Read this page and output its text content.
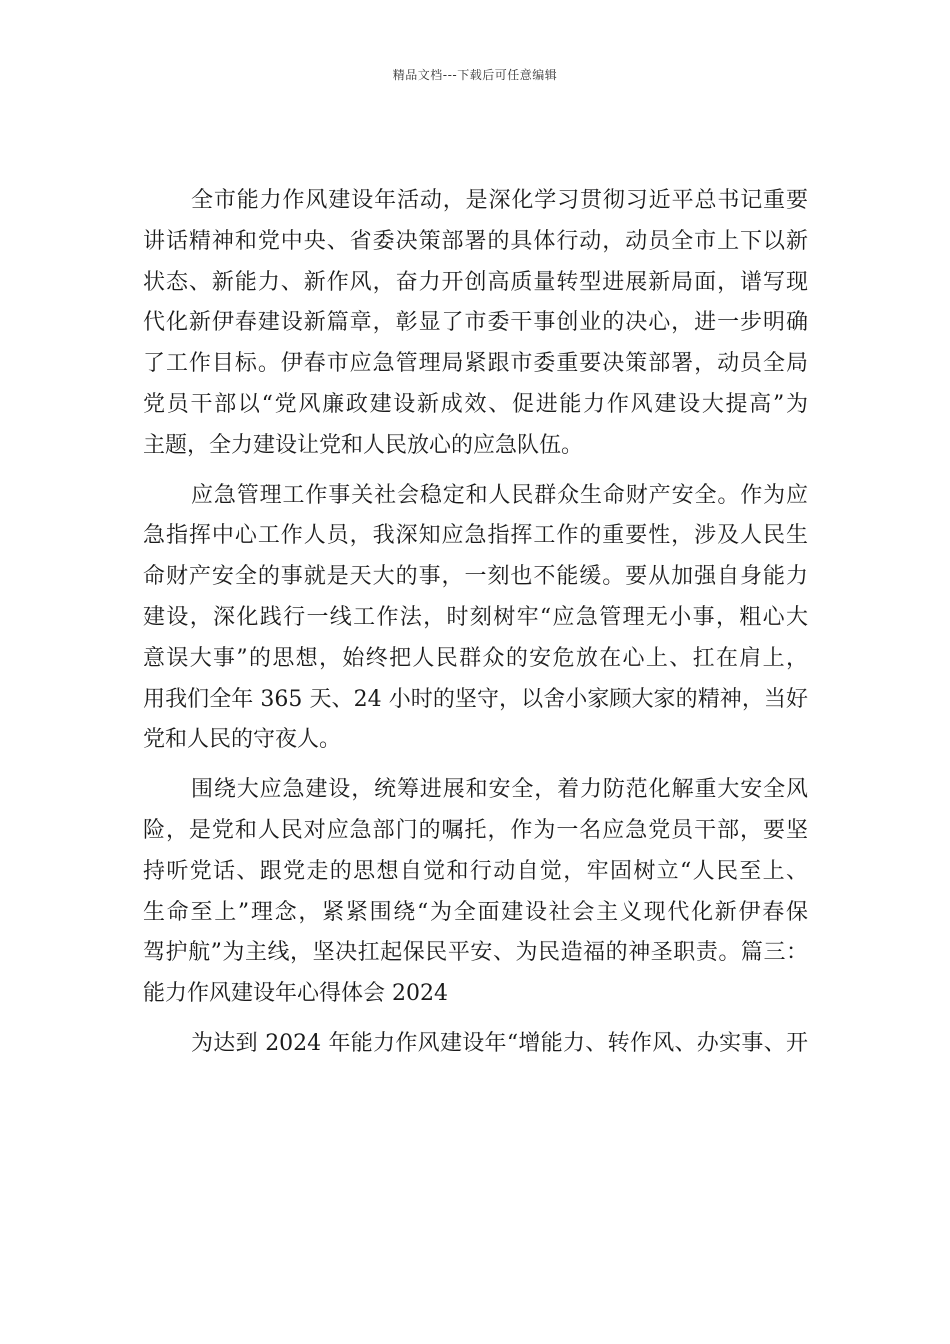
精品文档---下载后可任意编辑
全市能力作风建设年活动，是深化学习贯彻习近平总书记重要
讲话精神和党中央、省委决策部署的具体行动，动员全市上下以新
状态、新能力、新作风，奋力开创高质量转型进展新局面，谱写现
代化新伊春建设新篇章，彰显了市委干事创业的决心，进一步明确
了工作目标。伊春市应急管理局紧跟市委重要决策部署，动员全局
党员干部以“党风廉政建设新成效、促进能力作风建设大提高”为
主题，全力建设让党和人民放心的应急队伍。
应急管理工作事关社会稳定和人民群众生命财产安全。作为应
急指挥中心工作人员，我深知应急指挥工作的重要性，涉及人民生
命财产安全的事就是天大的事，一刻也不能缓。要从加强自身能力
建设，深化践行一线工作法，时刻树牢“应急管理无小事，粗心大
意误大事”的思想，始终把人民群众的安危放在心上、扛在肩上，
用我们全年 365 天、24 小时的坚守，以舍小家顾大家的精神，当好
党和人民的守夜人。
围绕大应急建设，统筹进展和安全，着力防范化解重大安全风
险，是党和人民对应急部门的嘱托，作为一名应急党员干部，要坚
持听党话、跟党走的思想自觉和行动自觉，牢固树立“人民至上、
生命至上”理念，紧紧围绕“为全面建设社会主义现代化新伊春保
驾护航”为主线，坚决扛起保民平安、为民造福的神圣职责。篇三：
能力作风建设年心得体会 2024
为达到 2024 年能力作风建设年“增能力、转作风、办实事、开
